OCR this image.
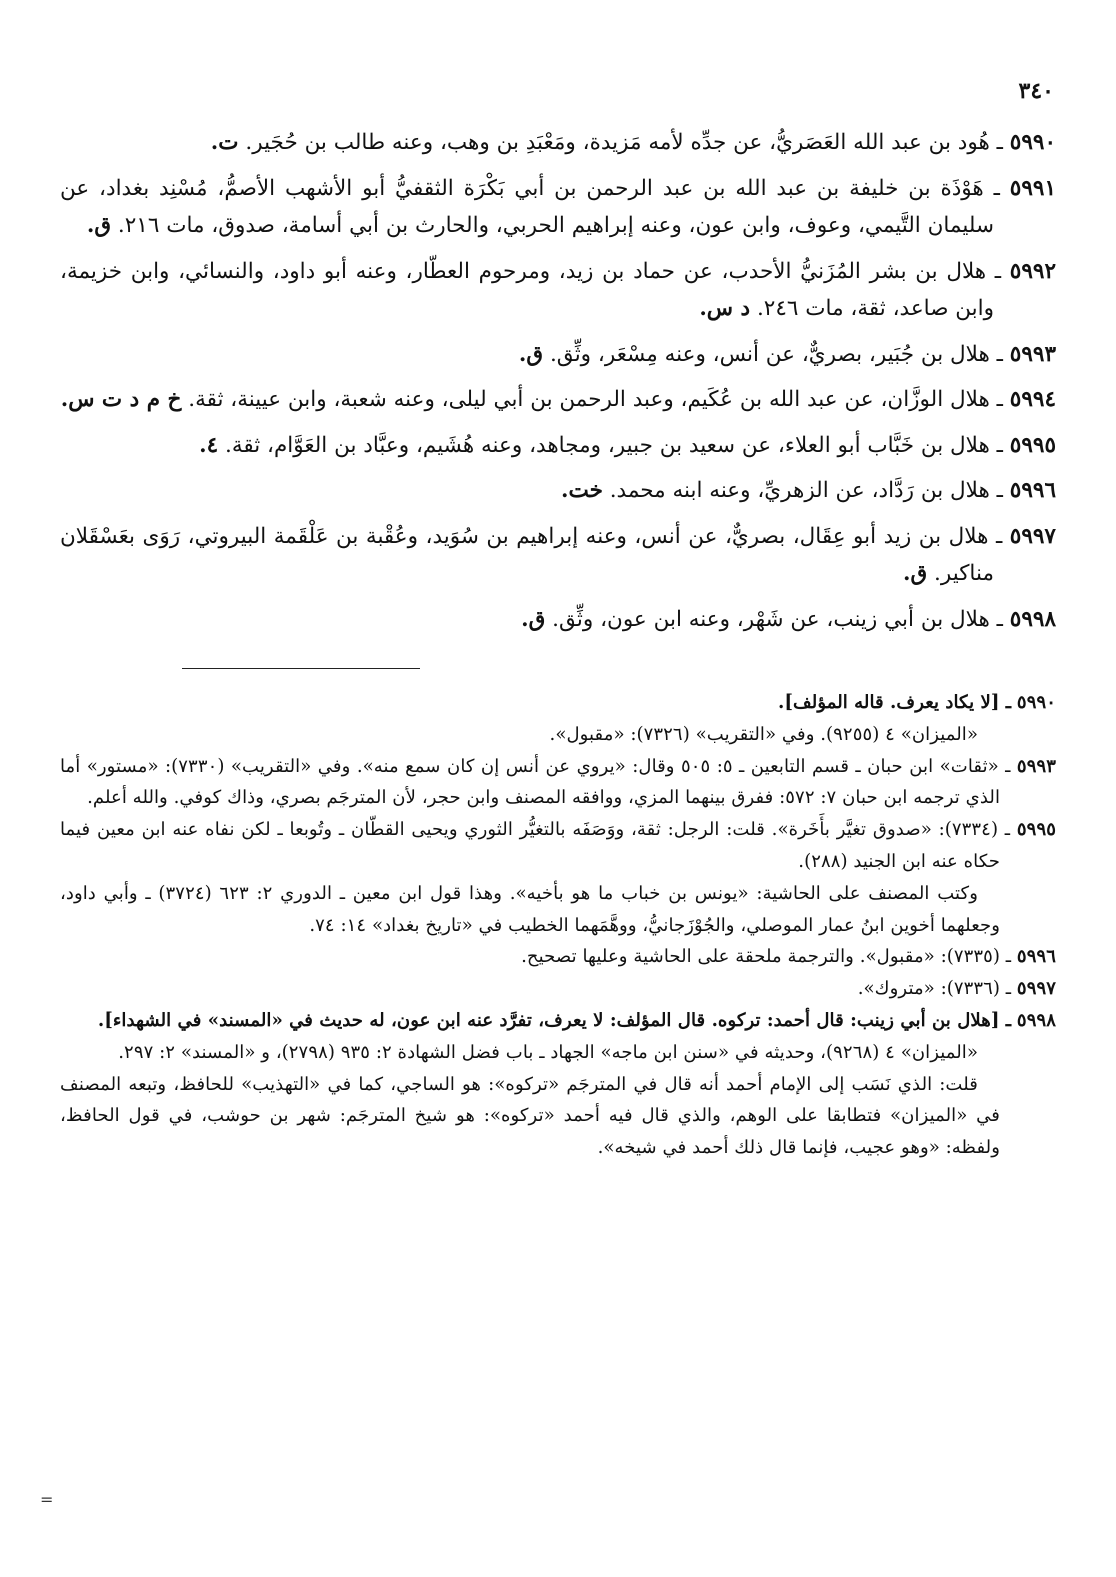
٣٤٠

٥٩٩٠ ـ هُود بن عبد الله العَصَريُّ، عن جدِّه لأمه مَزيدة، ومَعْبَدِ بن وهب، وعنه طالب بن حُجَير. ت.

٥٩٩١ ـ هَوْذَة بن خليفة بن عبد الله بن عبد الرحمن بن أبي بَكْرَة الثقفيُّ أبو الأشهب الأصمُّ، مُسْنِد بغداد، عن سليمان التَّيمي، وعوف، وابن عون، وعنه إبراهيم الحربي، والحارث بن أبي أسامة، صدوق، مات ٢١٦. ق.

٥٩٩٢ ـ هلال بن بشر المُزَنيُّ الأحدب، عن حماد بن زيد، ومرحوم العطّار، وعنه أبو داود، والنسائي، وابن خزيمة، وابن صاعد، ثقة، مات ٢٤٦. د س.

٥٩٩٣ ـ هلال بن جُبَير، بصريٌّ، عن أنس، وعنه مِسْعَر، وثِّق. ق.

٥٩٩٤ ـ هلال الوزَّان، عن عبد الله بن عُكَيم، وعبد الرحمن بن أبي ليلى، وعنه شعبة، وابن عيينة، ثقة. خ م د ت س.

٥٩٩٥ ـ هلال بن خَبَّاب أبو العلاء، عن سعيد بن جبير، ومجاهد، وعنه هُشَيم، وعبَّاد بن العَوَّام، ثقة. ٤.

٥٩٩٦ ـ هلال بن رَدَّاد، عن الزهريِّ، وعنه ابنه محمد. خت.

٥٩٩٧ ـ هلال بن زيد أبو عِقَال، بصريٌّ، عن أنس، وعنه إبراهيم بن سُوَيد، وعُقْبة بن عَلْقَمة البيروتي، رَوَى بعَسْقَلان مناكير. ق.

٥٩٩٨ ـ هلال بن أبي زينب، عن شَهْر، وعنه ابن عون، وثِّق. ق.

٥٩٩٠ ـ [لا يكاد يعرف. قاله المؤلف].

«الميزان» ٤ (٩٢٥٥). وفي «التقريب» (٧٣٢٦): «مقبول».

٥٩٩٣ ـ «ثقات» ابن حبان ـ قسم التابعين ـ ٥: ٥٠٥ وقال: «يروي عن أنس إن كان سمع منه». وفي «التقريب» (٧٣٣٠): «مستور» أما الذي ترجمه ابن حبان ٧: ٥٧٢: ففرق بينهما المزي، ووافقه المصنف وابن حجر، لأن المترجَم بصري، وذاك كوفي. والله أعلم.

٥٩٩٥ ـ (٧٣٣٤): «صدوق تغيَّر بأَخَرة». قلت: الرجل: ثقة، ووَصَفَه بالتغيُّر الثوري ويحيى القطّان ـ وتُوبعا ـ لكن نفاه عنه ابن معين فيما حكاه عنه ابن الجنيد (٢٨٨).

وكتب المصنف على الحاشية: «يونس بن خباب ما هو بأخيه». وهذا قول ابن معين ـ الدوري ٢: ٦٢٣ (٣٧٢٤) ـ وأبي داود، وجعلهما أخوين ابنُ عمار الموصلي، والجُوْزَجانيُّ، ووهَّمَهما الخطيب في «تاريخ بغداد» ١٤: ٧٤.

٥٩٩٦ ـ (٧٣٣٥): «مقبول». والترجمة ملحقة على الحاشية وعليها تصحيح.

٥٩٩٧ ـ (٧٣٣٦): «متروك».

٥٩٩٨ ـ [هلال بن أبي زينب: قال أحمد: تركوه. قال المؤلف: لا يعرف، تفرَّد عنه ابن عون، له حديث في «المسند» في الشهداء].

«الميزان» ٤ (٩٢٦٨)، وحديثه في «سنن ابن ماجه» الجهاد ـ باب فضل الشهادة ٢: ٩٣٥ (٢٧٩٨)، و «المسند» ٢: ٢٩٧.

قلت: الذي نَسَب إلى الإمام أحمد أنه قال في المترجَم «تركوه»: هو الساجي، كما في «التهذيب» للحافظ، وتبعه المصنف في «الميزان» فتطابقا على الوهم، والذي قال فيه أحمد «تركوه»: هو شيخ المترجَم: شهر بن حوشب، في قول الحافظ، ولفظه: «وهو عجيب، فإنما قال ذلك أحمد في شيخه».

=
